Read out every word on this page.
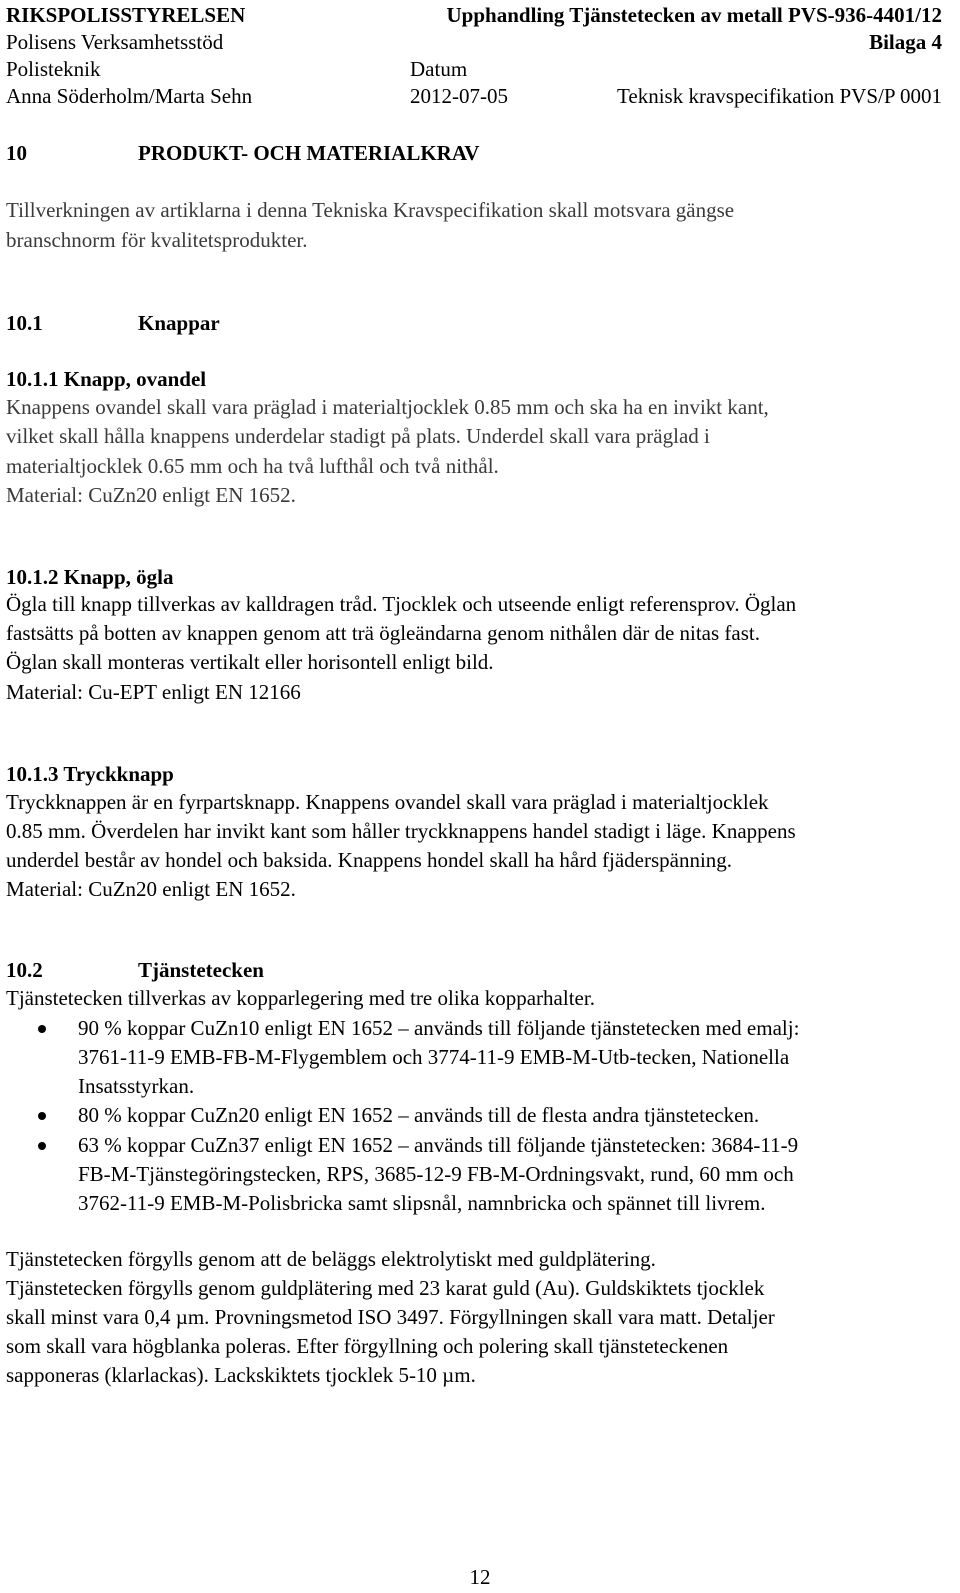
RIKSPOLISSTYRELSEN	Upphandling Tjänstetecken av metall PVS-936-4401/12
Polisens Verksamhetsstöd	Bilaga 4
Polisteknik	Datum
Anna Söderholm/Marta Sehn	2012-07-05	Teknisk kravspecifikation PVS/P 0001
10	PRODUKT- OCH MATERIALKRAV
Tillverkningen av artiklarna i denna Tekniska Kravspecifikation skall motsvara gängse
branschnorm för kvalitetsprodukter.
10.1	Knappar
10.1.1 Knapp, ovandel
Knappens ovandel skall vara präglad i materialtjocklek 0.85 mm och ska ha en invikt kant,
vilket skall hålla knappens underdelar stadigt på plats. Underdel skall vara präglad i
materialtjocklek 0.65 mm och ha två lufthål och två nithål.
Material: CuZn20 enligt EN 1652.
10.1.2 Knapp, ögla
Ögla till knapp tillverkas av kalldragen tråd. Tjocklek och utseende enligt referensprov. Öglan
fastsätts på botten av knappen genom att trä ögleändarna genom nithålen där de nitas fast.
Öglan skall monteras vertikalt eller horisontell enligt bild.
Material: Cu-EPT enligt EN 12166
10.1.3 Tryckknapp
Tryckknappen är en fyrpartsknapp. Knappens ovandel skall vara präglad i materialtjocklek
0.85 mm. Överdelen har invikt kant som håller tryckknappens handel stadigt i läge. Knappens
underdel består av hondel och baksida. Knappens hondel skall ha hård fjäderspänning.
Material: CuZn20 enligt EN 1652.
10.2	Tjänstetecken
Tjänstetecken tillverkas av kopparlegering med tre olika kopparhalter.
90 % koppar CuZn10 enligt EN 1652 – används till följande tjänstetecken med emalj:
3761-11-9 EMB-FB-M-Flygemblem och 3774-11-9 EMB-M-Utb-tecken, Nationella
Insatsstyrkan.
80 % koppar CuZn20 enligt EN 1652 – används till de flesta andra tjänstetecken.
63 % koppar CuZn37 enligt EN 1652 – används till följande tjänstetecken: 3684-11-9
FB-M-Tjänstegöringstecken, RPS, 3685-12-9 FB-M-Ordningsvakt, rund, 60 mm och
3762-11-9 EMB-M-Polisbricka samt slipsnål, namnbricka och spännet till livrem.
Tjänstetecken förgylls genom att de beläggs elektrolytiskt med guldplätering.
Tjänstetecken förgylls genom guldplätering med 23 karat guld (Au). Guldskiktets tjocklek
skall minst vara 0,4 µm. Provningsmetod ISO 3497. Förgyllningen skall vara matt. Detaljer
som skall vara högblanka poleras. Efter förgyllning och polering skall tjänsteteckenen
sapponeras (klarlackas). Lackskiktets tjocklek 5-10 µm.
12
